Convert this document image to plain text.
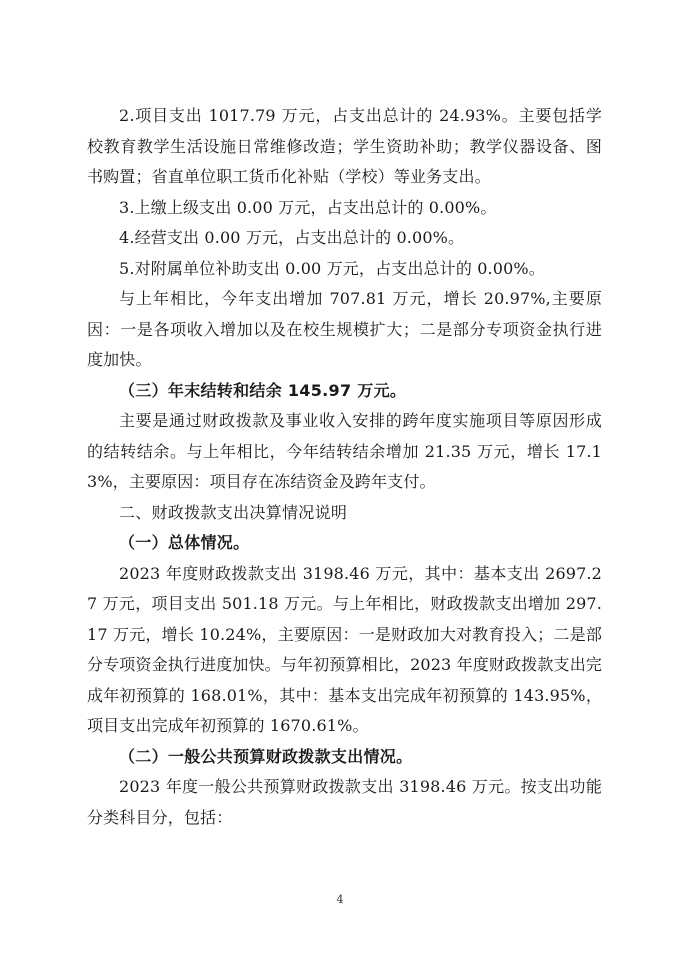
2.项目支出 1017.79 万元，占支出总计的 24.93%。主要包括学校教育教学生活设施日常维修改造；学生资助补助；教学仪器设备、图书购置；省直单位职工货币化补贴（学校）等业务支出。

3.上缴上级支出 0.00 万元，占支出总计的 0.00%。

4.经营支出 0.00 万元，占支出总计的 0.00%。

5.对附属单位补助支出 0.00 万元，占支出总计的 0.00%。

与上年相比，今年支出增加 707.81 万元，增长 20.97%,主要原因：一是各项收入增加以及在校生规模扩大；二是部分专项资金执行进度加快。

（三）年末结转和结余 145.97 万元。

主要是通过财政拨款及事业收入安排的跨年度实施项目等原因形成的结转结余。与上年相比，今年结转结余增加 21.35 万元，增长 17.13%，主要原因：项目存在冻结资金及跨年支付。

二、财政拨款支出决算情况说明

（一）总体情况。

2023 年度财政拨款支出 3198.46 万元，其中：基本支出 2697.27 万元，项目支出 501.18 万元。与上年相比，财政拨款支出增加 297.17 万元，增长 10.24%，主要原因：一是财政加大对教育投入；二是部分专项资金执行进度加快。与年初预算相比，2023 年度财政拨款支出完成年初预算的 168.01%，其中：基本支出完成年初预算的 143.95%，项目支出完成年初预算的 1670.61%。

（二）一般公共预算财政拨款支出情况。

2023 年度一般公共预算财政拨款支出 3198.46 万元。按支出功能分类科目分，包括：

4
